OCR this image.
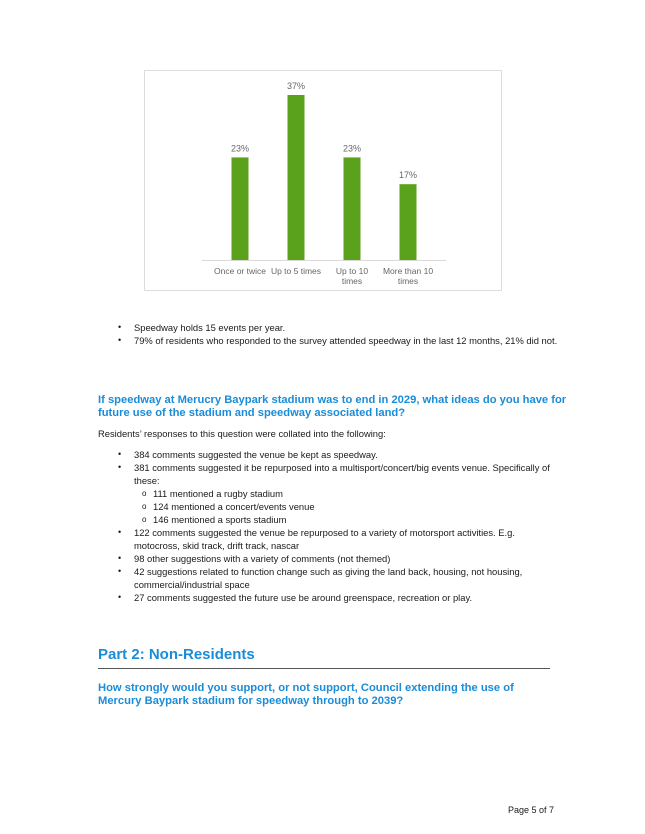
23%
Once or twice
37%
Up to 5 times
23%
Up to 10
times
17%
More than 10
times
• Speedway holds 15 events per year.
• 79% of residents who responded to the survey attended speedway in the last 12 months, 21% did not.
If speedway at Merucry Baypark stadium was to end in 2029, what ideas do you have for future use of the stadium and speedway associated land?
Residents’ responses to this question were collated into the following:
• 384 comments suggested the venue be kept as speedway.
• 381 comments suggested it be repurposed into a multisport/concert/big events venue. Specifically of these:
o 111 mentioned a rugby stadium
o 124 mentioned a concert/events venue
o 146 mentioned a sports stadium
• 122 comments suggested the venue be repurposed to a variety of motorsport activities. E.g. motocross, skid track, drift track, nascar
• 98 other suggestions with a variety of comments (not themed)
• 42 suggestions related to function change such as giving the land back, housing, not housing, commercial/industrial space
• 27 comments suggested the future use be around greenspace, recreation or play.
Part 2: Non-Residents
How strongly would you support, or not support, Council extending the use of Mercury Baypark stadium for speedway through to 2039?
Page 5 of 7
